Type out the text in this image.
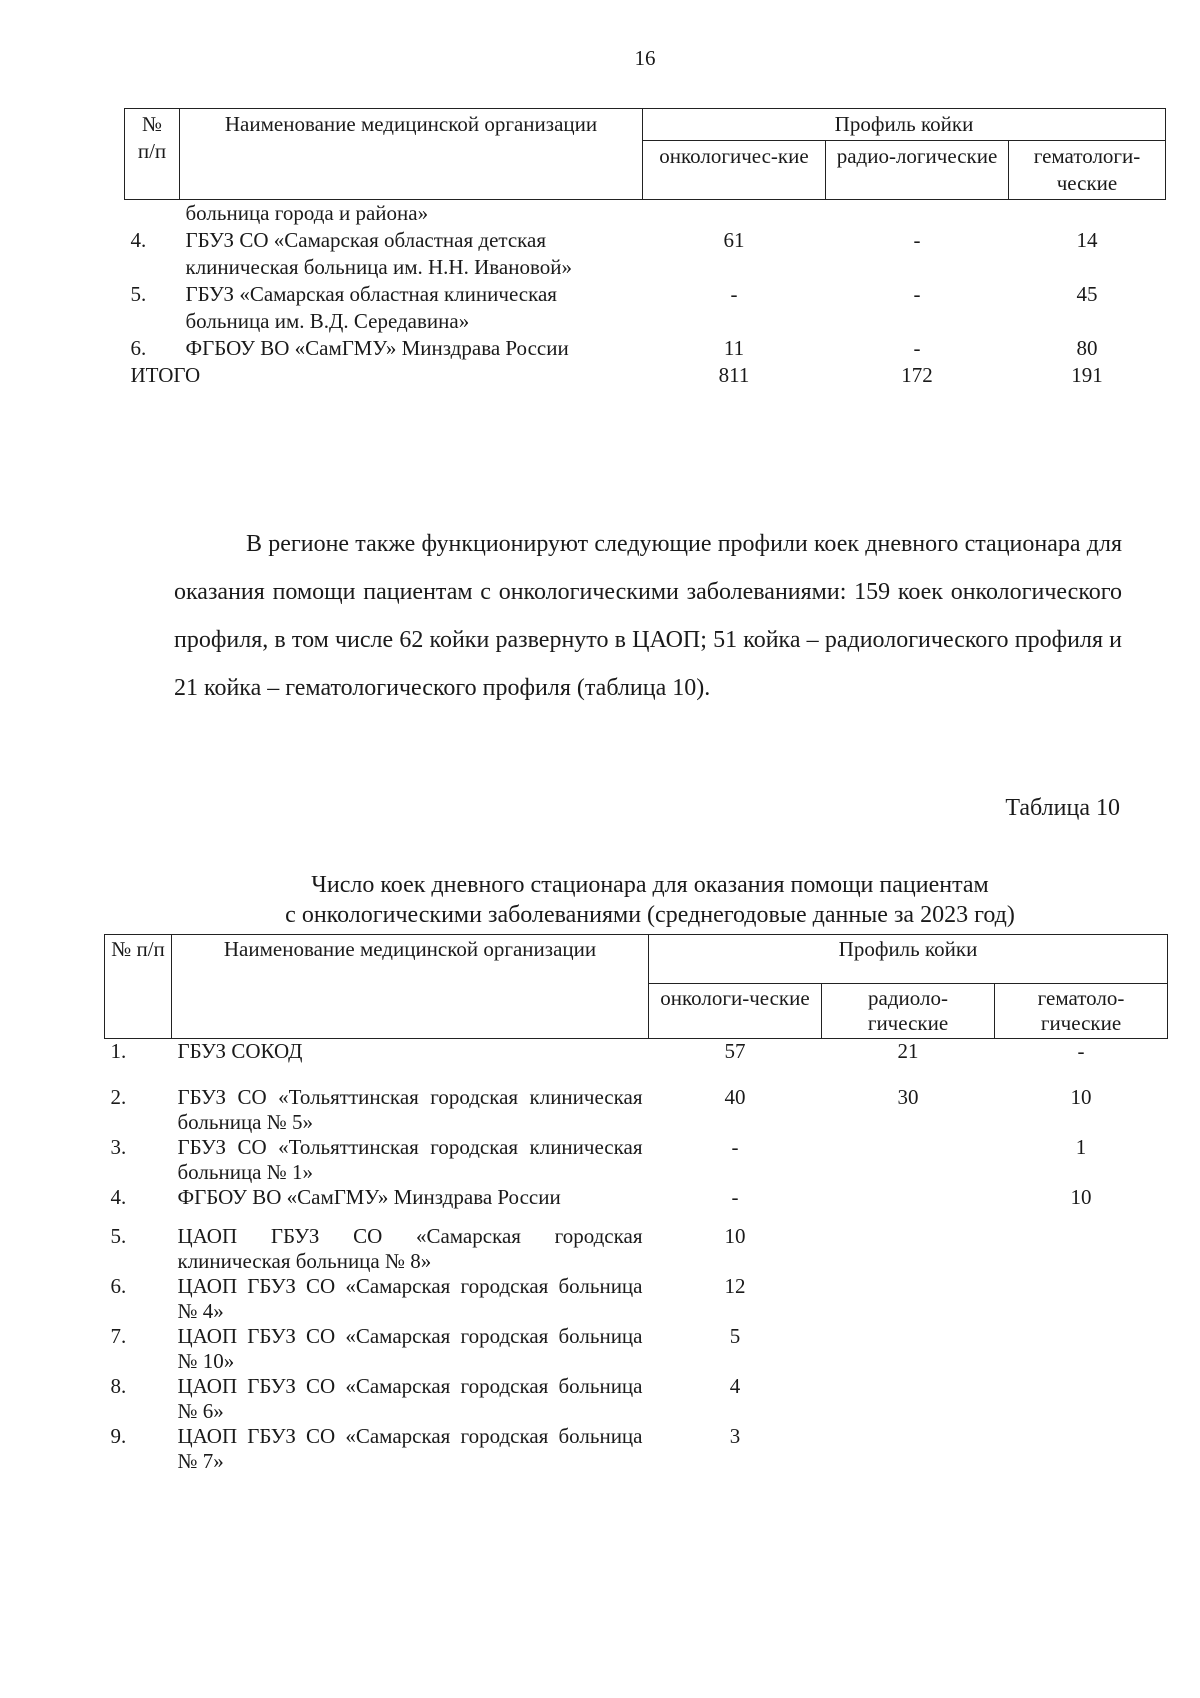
16
№ п/п	Наименование медицинской организации	Профиль койки		
		онкологичес-кие	радио-логические	гематологи-ческие
	больница города и района»			
4.	ГБУЗ СО «Самарская областная детская клиническая больница им. Н.Н. Ивановой»	61	-	14
5.	ГБУЗ «Самарская областная клиническая больница им. В.Д. Середавина»	-	-	45
6.	ФГБОУ ВО «СамГМУ» Минздрава России	11	-	80
ИТОГО		811	172	191
В регионе также функционируют следующие профили коек дневного стационара для оказания помощи пациентам с онкологическими заболеваниями: 159 коек онкологического профиля, в том числе 62 койки развернуто в ЦАОП; 51 койка – радиологического профиля и 21 койка – гематологического профиля (таблица 10).
Таблица 10
Число коек дневного стационара для оказания помощи пациентам
с онкологическими заболеваниями (среднегодовые данные за 2023 год)
№ п/п	Наименование медицинской организации	Профиль койки		
		онкологи-ческие	радиоло-гические	гематоло-гические
1.	ГБУЗ СОКОД	57	21	-
2.	ГБУЗ СО «Тольяттинская городская клиническая больница № 5»	40	30	10
3.	ГБУЗ СО «Тольяттинская городская клиническая больница № 1»	-		1
4.	ФГБОУ ВО «СамГМУ» Минздрава России	-		10
5.	ЦАОП ГБУЗ СО «Самарская городская клиническая больница № 8»	10		
6.	ЦАОП ГБУЗ СО «Самарская городская больница № 4»	12		
7.	ЦАОП ГБУЗ СО «Самарская городская больница № 10»	5		
8.	ЦАОП ГБУЗ СО «Самарская городская больница № 6»	4		
9.	ЦАОП ГБУЗ СО «Самарская городская больница № 7»	3		
